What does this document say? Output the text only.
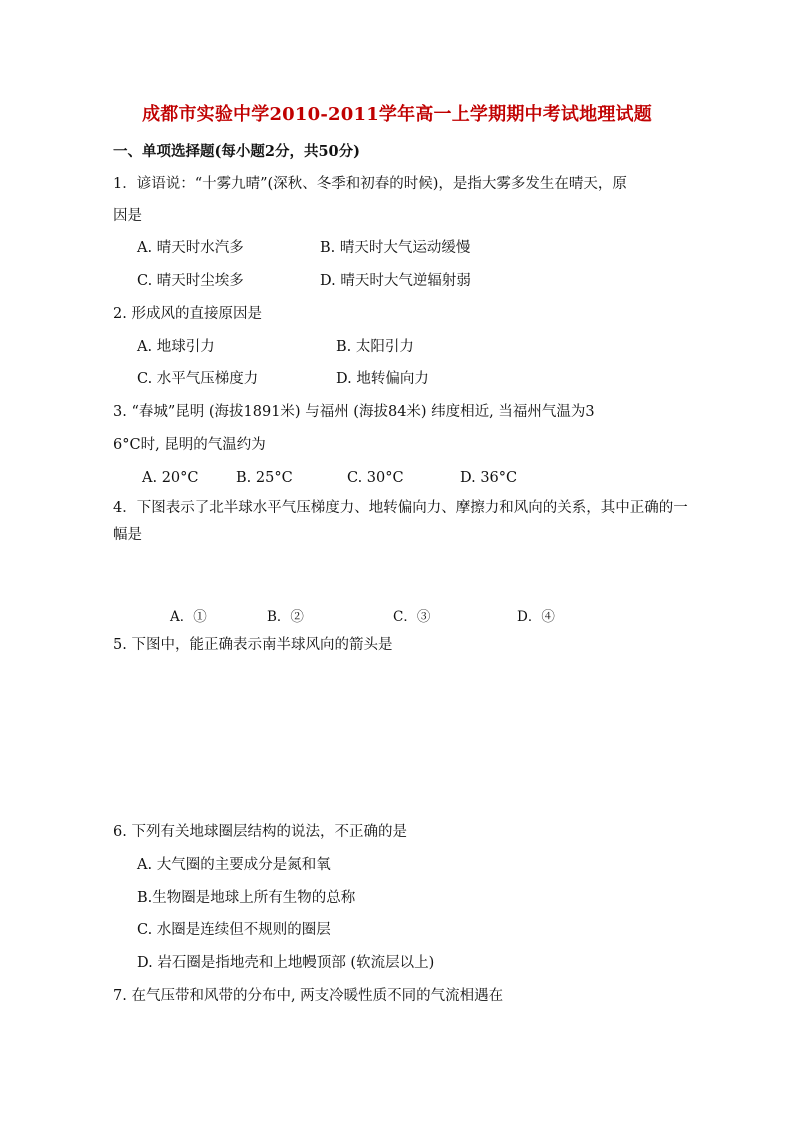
成都市实验中学2010-2011学年高一上学期期中考试地理试题
一、单项选择题(每小题2分，共50分)
1．谚语说：“十雾九晴”(深秋、冬季和初春的时候)，是指大雾多发生在晴天，原
因是
A. 晴天时水汽多	B. 晴天时大气运动缓慢
C. 晴天时尘埃多	D. 晴天时大气逆辐射弱
2. 形成风的直接原因是
A. 地球引力	B. 太阳引力
C. 水平气压梯度力	D. 地转偏向力
3. “春城”昆明 (海拔1891米) 与福州 (海拔84米) 纬度相近, 当福州气温为3
6°C时, 昆明的气温约为
A. 20°C	B. 25°C	C. 30°C	D. 36°C
4．下图表示了北半球水平气压梯度力、地转偏向力、摩擦力和风向的关系，其中正确的一
幅是
A．①	B．②	C．③	D．④
5. 下图中，能正确表示南半球风向的箭头是
6. 下列有关地球圈层结构的说法，不正确的是
A. 大气圈的主要成分是氮和氧
B.生物圈是地球上所有生物的总称
C. 水圈是连续但不规则的圈层
D. 岩石圈是指地壳和上地幔顶部 (软流层以上)
7. 在气压带和风带的分布中, 两支冷暖性质不同的气流相遇在
